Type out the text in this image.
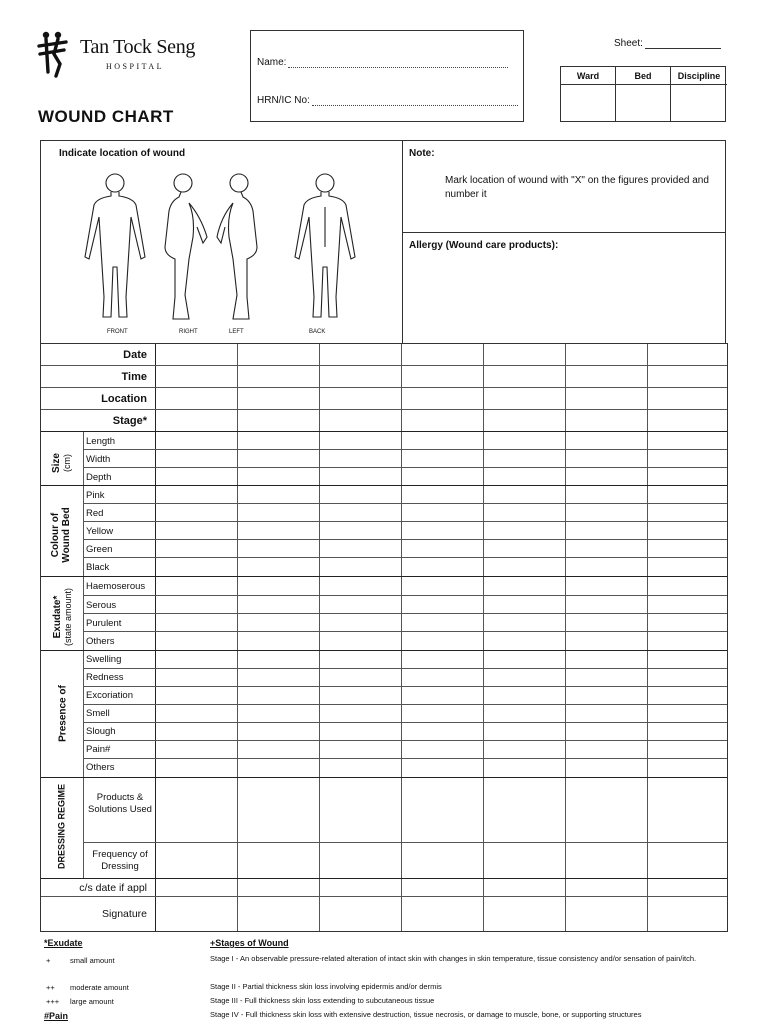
Tan Tock Seng
HOSPITAL
WOUND CHART
Name:
HRN/IC No:
Sheet:
Ward	Bed	Discipline
Indicate location of wound
FRONT	RIGHT	LEFT	BACK
Note:
Mark location of wound with "X" on the figures provided and number it
Allergy (Wound care products):
Date
Time
Location
Stage*
Size
(cm)
Length
Width
Depth
Colour of
Wound Bed
Pink
Red
Yellow
Green
Black
Exudate*
(state amount)
Haemoserous
Serous
Purulent
Others
Presence of
Swelling
Redness
Excoriation
Smell
Slough
Pain#
Others
DRESSING REGIME	Products & Solutions Used
Frequency of Dressing
c/s date if appl
Signature
*Exudate
+	small amount
++ moderate amount
+++ large amount
#Pain
+Stages of Wound
Stage I - An observable pressure-related alteration of intact skin with changes in skin temperature, tissue consistency and/or sensation of pain/itch.
Stage II - Partial thickness skin loss involving epidermis and/or dermis
Stage III - Full thickness skin loss extending to subcutaneous tissue
Stage IV - Full thickness skin loss with extensive destruction, tissue necrosis, or damage to muscle, bone, or supporting structures
